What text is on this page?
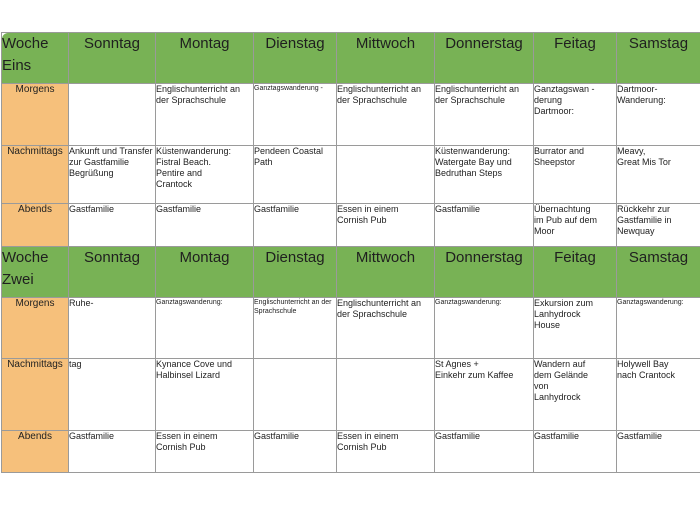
Woche
Eins	Sonntag	Montag	Dienstag	Mittwoch	Donnerstag	Feitag	Samstag
Morgens		Englischunterricht an der Sprachschule	Ganztagswanderung -	Englischunterricht an der Sprachschule	Englischunterricht an der Sprachschule	Ganztagswan -
derung
Dartmoor:	Dartmoor-
Wanderung:
Nachmittags	Ankunft und Transfer zur Gastfamilie Begrüßung	Küstenwanderung:
Fistral Beach.
Pentire and
Crantock	Pendeen Coastal Path		Küstenwanderung:
Watergate Bay und Bedruthan Steps	Burrator and
Sheepstor	Meavy,
Great Mis Tor
Abends	Gastfamilie	Gastfamilie	Gastfamilie	Essen in einem
Cornish Pub	Gastfamilie	Übernachtung
im Pub auf dem
Moor	Rückkehr zur
Gastfamilie in
Newquay
Woche
Zwei	Sonntag	Montag	Dienstag	Mittwoch	Donnerstag	Feitag	Samstag
Morgens	Ruhe-	Ganztagswanderung:	Englischunterricht an der Sprachschule	Englischunterricht an der Sprachschule	Ganztagswanderung:	Exkursion zum
Lanhydrock
House	Ganztagswanderung:
Nachmittags	tag	Kynance Cove und
Halbinsel Lizard			St Agnes +
Einkehr zum Kaffee	Wandern auf
dem Gelände
von
Lanhydrock	Holywell Bay
nach Crantock
Abends	Gastfamilie	Essen in einem
Cornish Pub	Gastfamilie	Essen in einem
Cornish Pub	Gastfamilie	Gastfamilie	Gastfamilie
